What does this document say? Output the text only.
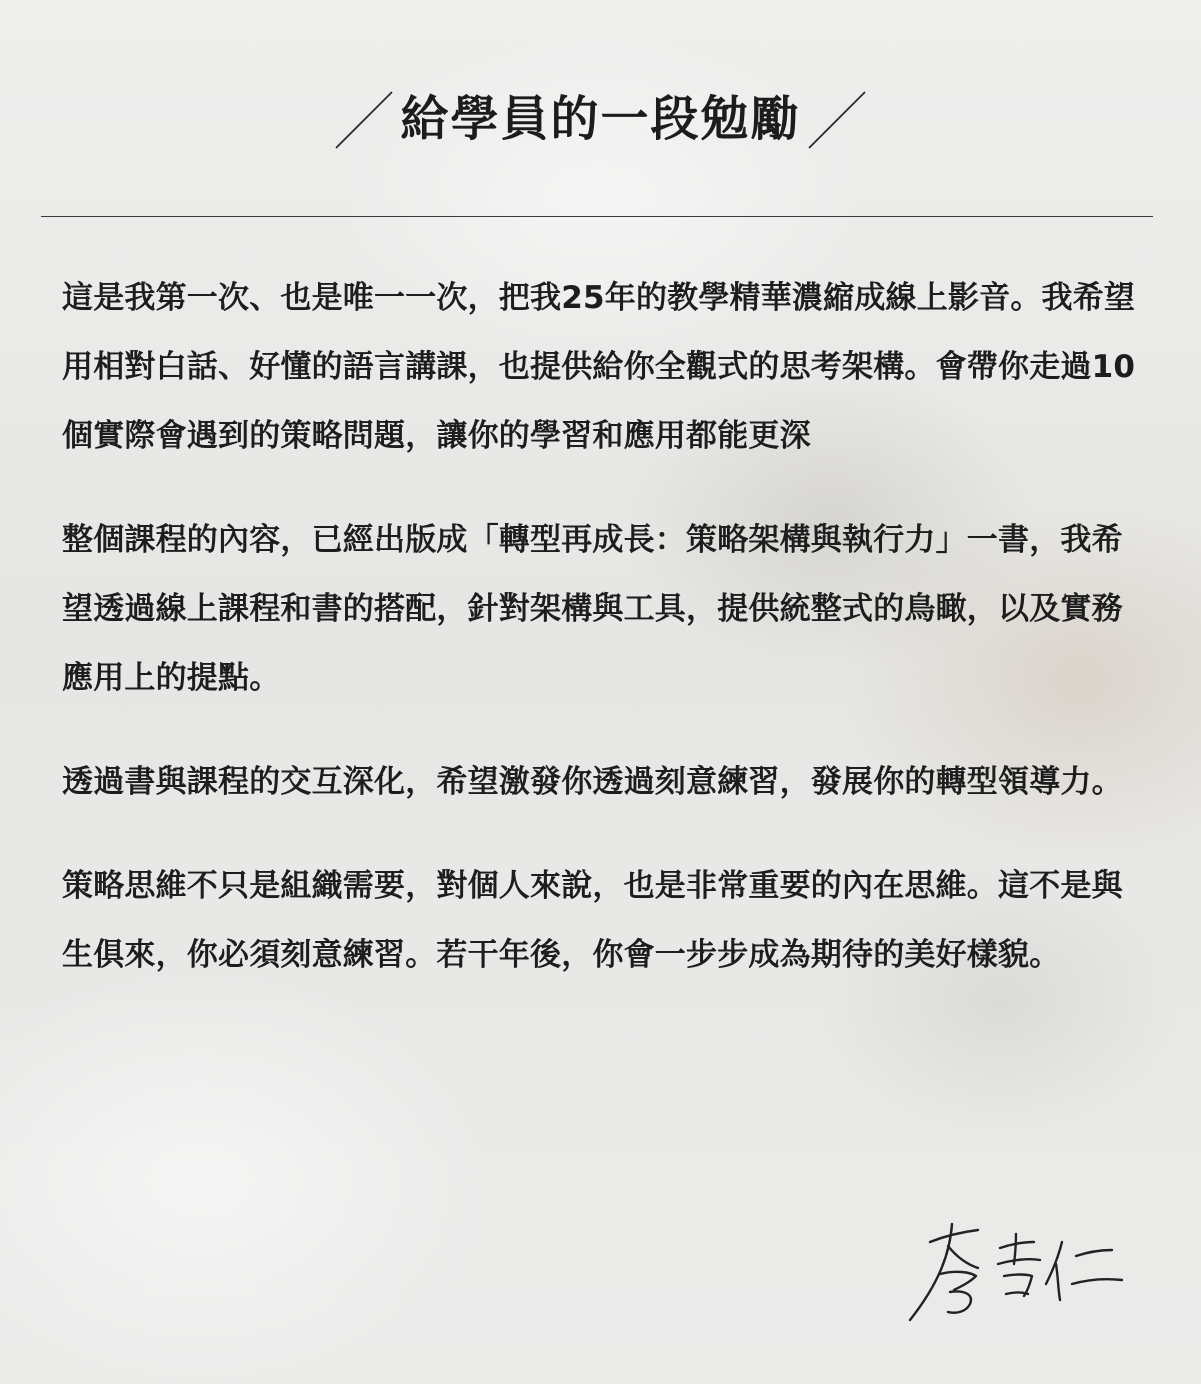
給學員的一段勉勵

這是我第一次、也是唯一一次，把我25年的教學精華濃縮成線上影音。我希望用相對白話、好懂的語言講課，也提供給你全觀式的思考架構。會帶你走過10個實際會遇到的策略問題，讓你的學習和應用都能更深

整個課程的內容，已經出版成「轉型再成長：策略架構與執行力」一書，我希望透過線上課程和書的搭配，針對架構與工具，提供統整式的鳥瞰，以及實務應用上的提點。

透過書與課程的交互深化，希望激發你透過刻意練習，發展你的轉型領導力。

策略思維不只是組織需要，對個人來說，也是非常重要的內在思維。這不是與生俱來，你必須刻意練習。若干年後，你會一步步成為期待的美好樣貌。
